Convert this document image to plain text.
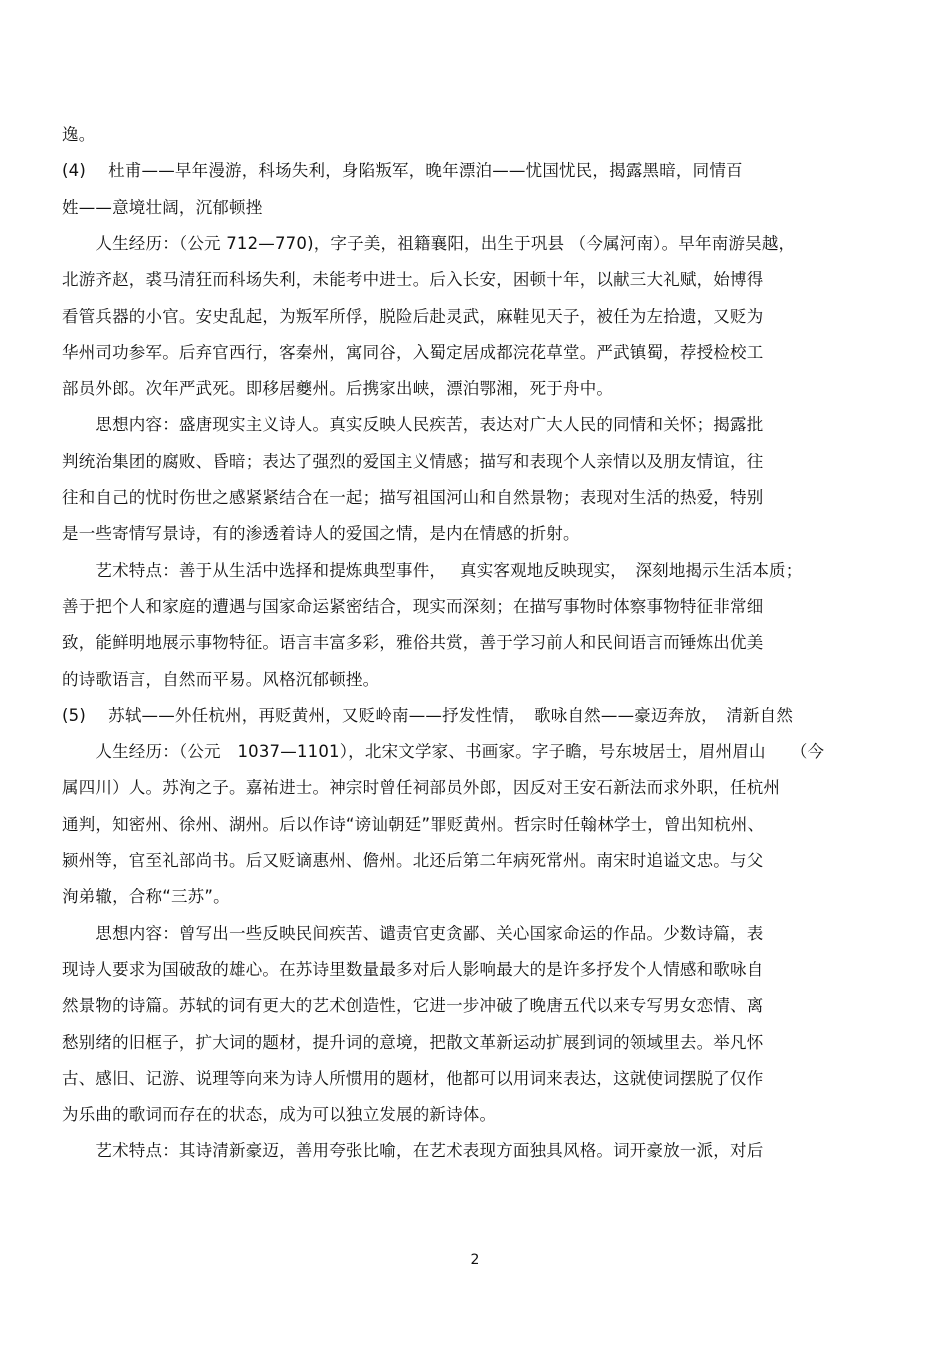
逸。
(4)　 杜甫——早年漫游，科场失利，身陷叛军，晚年漂泊——忧国忧民，揭露黑暗，同情百
姓——意境壮阔，沉郁顿挫
　　人生经历：（公元 712—770)，字子美，祖籍襄阳，出生于巩县 （今属河南）。早年南游吴越，
北游齐赵，裘马清狂而科场失利，未能考中进士。后入长安，困顿十年，以献三大礼赋，始博得
看管兵器的小官。安史乱起，为叛军所俘，脱险后赴灵武，麻鞋见天子，被任为左拾遗，又贬为
华州司功参军。后弃官西行，客秦州，寓同谷，入蜀定居成都浣花草堂。严武镇蜀，荐授检校工
部员外郎。次年严武死。即移居夔州。后携家出峡，漂泊鄂湘，死于舟中。
　　思想内容：盛唐现实主义诗人。真实反映人民疾苦，表达对广大人民的同情和关怀；揭露批
判统治集团的腐败、昏暗；表达了强烈的爱国主义情感；描写和表现个人亲情以及朋友情谊，往
往和自己的忧时伤世之感紧紧结合在一起；描写祖国河山和自然景物；表现对生活的热爱，特别
是一些寄情写景诗，有的渗透着诗人的爱国之情，是内在情感的折射。
　　艺术特点：善于从生活中选择和提炼典型事件，　 真实客观地反映现实，　深刻地揭示生活本质；
善于把个人和家庭的遭遇与国家命运紧密结合，现实而深刻；在描写事物时体察事物特征非常细
致，能鲜明地展示事物特征。语言丰富多彩，雅俗共赏，善于学习前人和民间语言而锤炼出优美
的诗歌语言，自然而平易。风格沉郁顿挫。
(5)　 苏轼——外任杭州，再贬黄州，又贬岭南——抒发性情，　歌咏自然——豪迈奔放，　清新自然
　　人生经历：（公元　1037—1101），北宋文学家、书画家。字子瞻，号东坡居士，眉州眉山　　（今
属四川）人。苏洵之子。嘉祐进士。神宗时曾任祠部员外郎，因反对王安石新法而求外职，任杭州
通判，知密州、徐州、湖州。后以作诗“谤讪朝廷”罪贬黄州。哲宗时任翰林学士，曾出知杭州、
颍州等，官至礼部尚书。后又贬谪惠州、儋州。北还后第二年病死常州。南宋时追谥文忠。与父
洵弟辙，合称“三苏”。
　　思想内容：曾写出一些反映民间疾苦、谴责官吏贪鄙、关心国家命运的作品。少数诗篇，表
现诗人要求为国破敌的雄心。在苏诗里数量最多对后人影响最大的是许多抒发个人情感和歌咏自
然景物的诗篇。苏轼的词有更大的艺术创造性，它进一步冲破了晚唐五代以来专写男女恋情、离
愁别绪的旧框子，扩大词的题材，提升词的意境，把散文革新运动扩展到词的领域里去。举凡怀
古、感旧、记游、说理等向来为诗人所惯用的题材，他都可以用词来表达，这就使词摆脱了仅作
为乐曲的歌词而存在的状态，成为可以独立发展的新诗体。
　　艺术特点：其诗清新豪迈，善用夸张比喻，在艺术表现方面独具风格。词开豪放一派，对后
2
